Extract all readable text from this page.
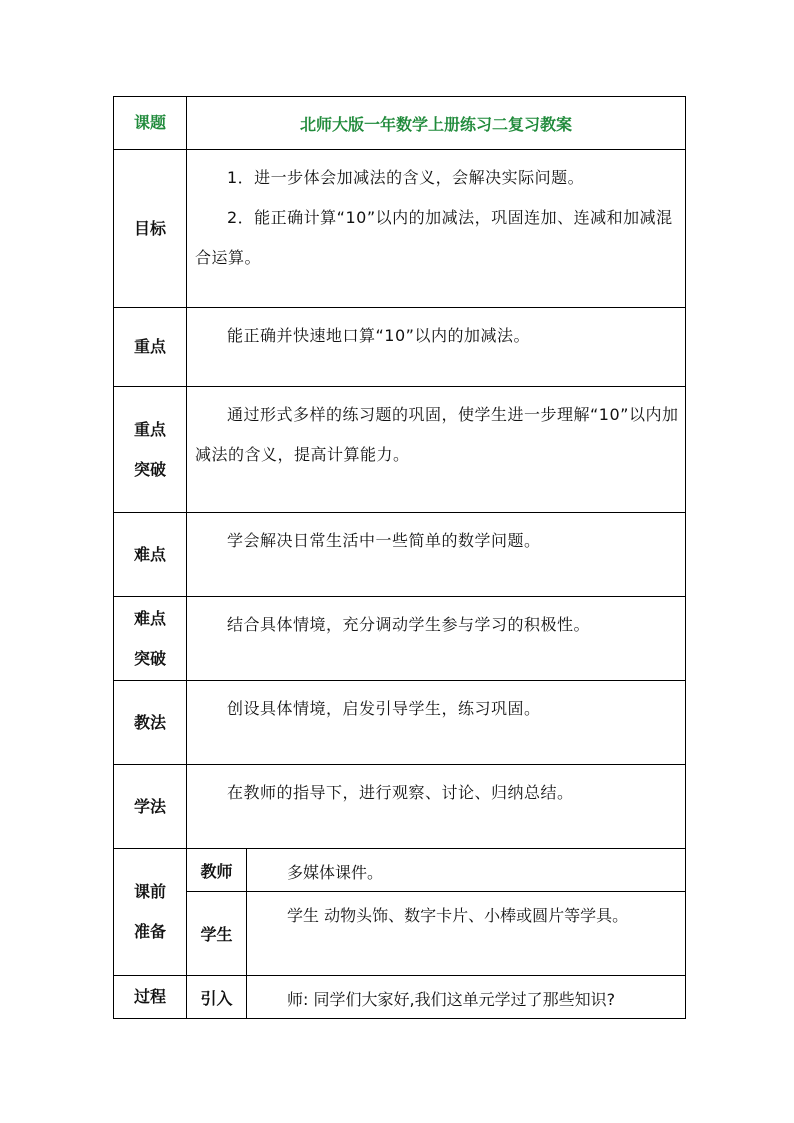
课题	北师大版一年数学上册练习二复习教案	
目标	1．进一步体会加减法的含义，会解决实际问题。

2．能正确计算“10”以内的加减法，巩固连加、连减和加减混合运算。	

重点	能正确并快速地口算“10”以内的加减法。	

重点
突破	通过形式多样的练习题的巩固，使学生进一步理解“10”以内加减法的含义，提高计算能力。	

难点	学会解决日常生活中一些简单的数学问题。	

难点
突破	结合具体情境，充分调动学生参与学习的积极性。	

教法	创设具体情境，启发引导学生，练习巩固。	

学法	在教师的指导下，进行观察、讨论、归纳总结。	

课前
准备	教师	多媒体课件。

	学生	学生 动物头饰、数字卡片、小棒或圆片等学具。

过程	引入	师: 同学们大家好,我们这单元学过了那些知识?
